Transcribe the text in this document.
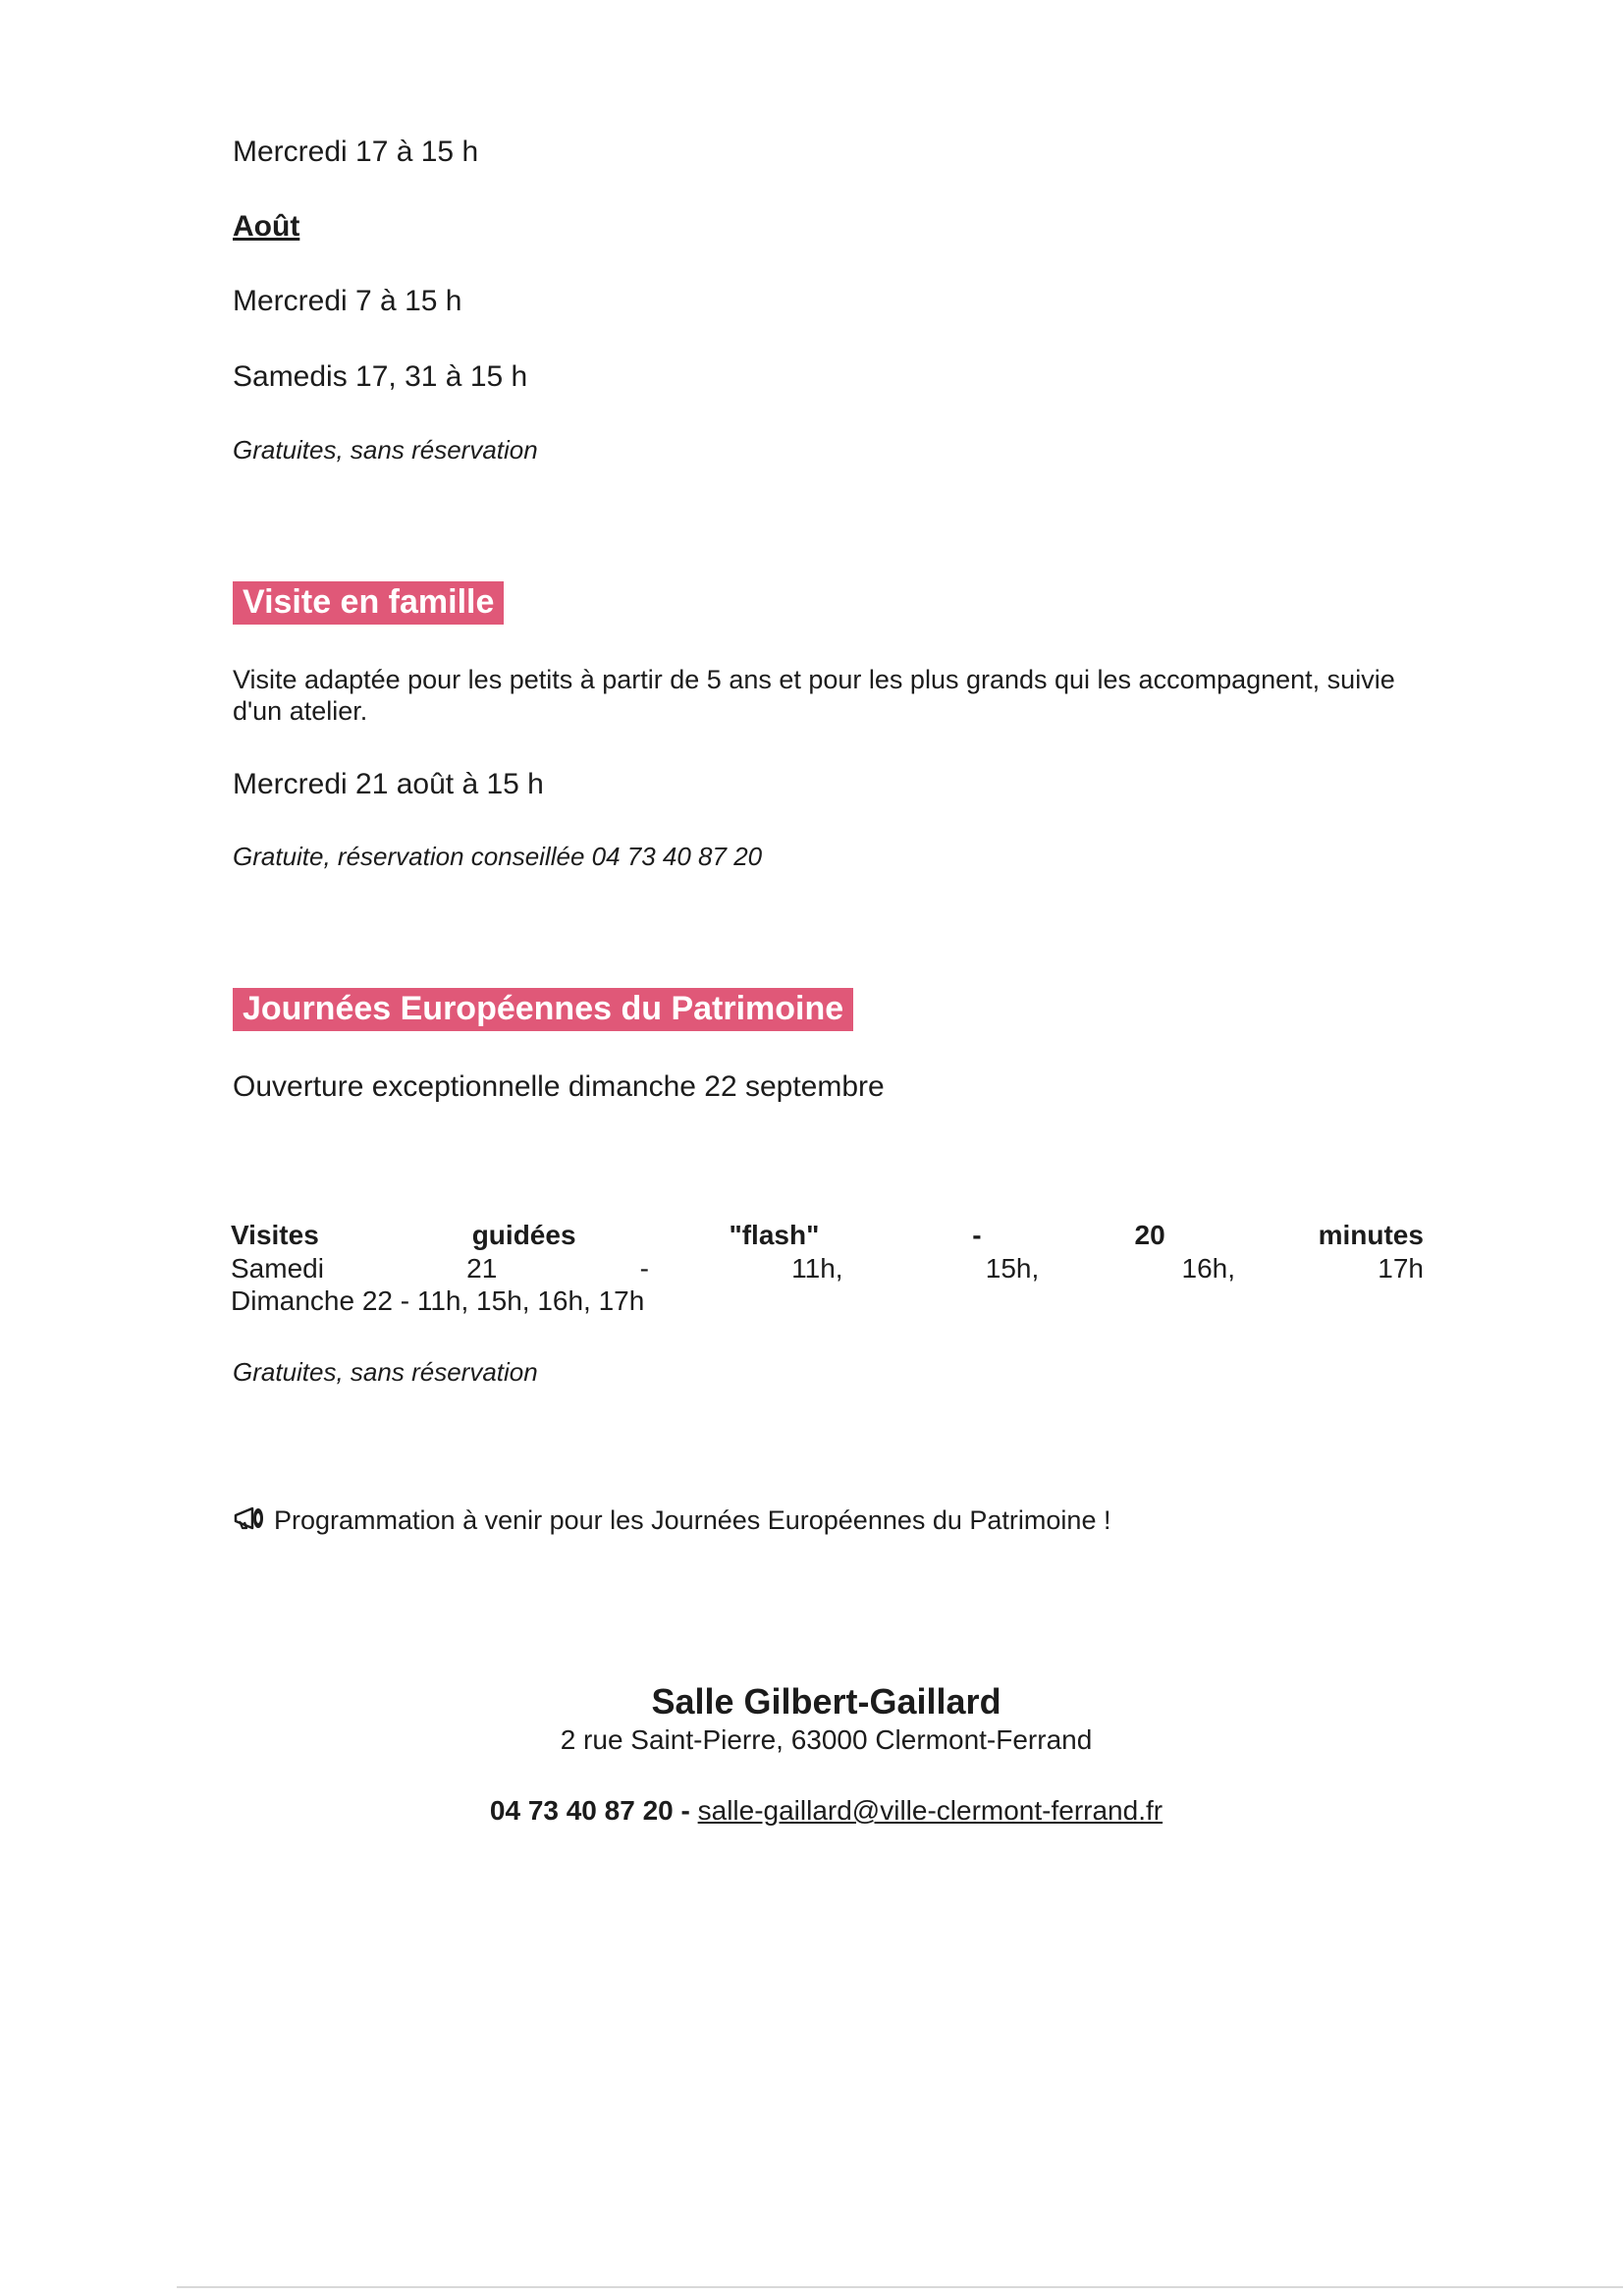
Mercredi 17 à 15 h
Août
Mercredi 7 à 15 h
Samedis 17, 31 à 15 h
Gratuites, sans réservation
Visite en famille
Visite adaptée pour les petits à partir de 5 ans et pour les plus grands qui les accompagnent, suivie d'un atelier.
Mercredi 21 août à 15 h
Gratuite, réservation conseillée 04 73 40 87 20
Journées Européennes du Patrimoine
Ouverture exceptionnelle dimanche 22 septembre
Visites	guidées	"flash"	-	20	minutes
Samedi	21	-	11h,	15h,	16h,	17h
Dimanche 22 - 11h, 15h, 16h, 17h
Gratuites, sans réservation
Programmation à venir pour les Journées Européennes du Patrimoine !
Salle Gilbert-Gaillard
2 rue Saint-Pierre, 63000 Clermont-Ferrand
04 73 40 87 20 - salle-gaillard@ville-clermont-ferrand.fr
